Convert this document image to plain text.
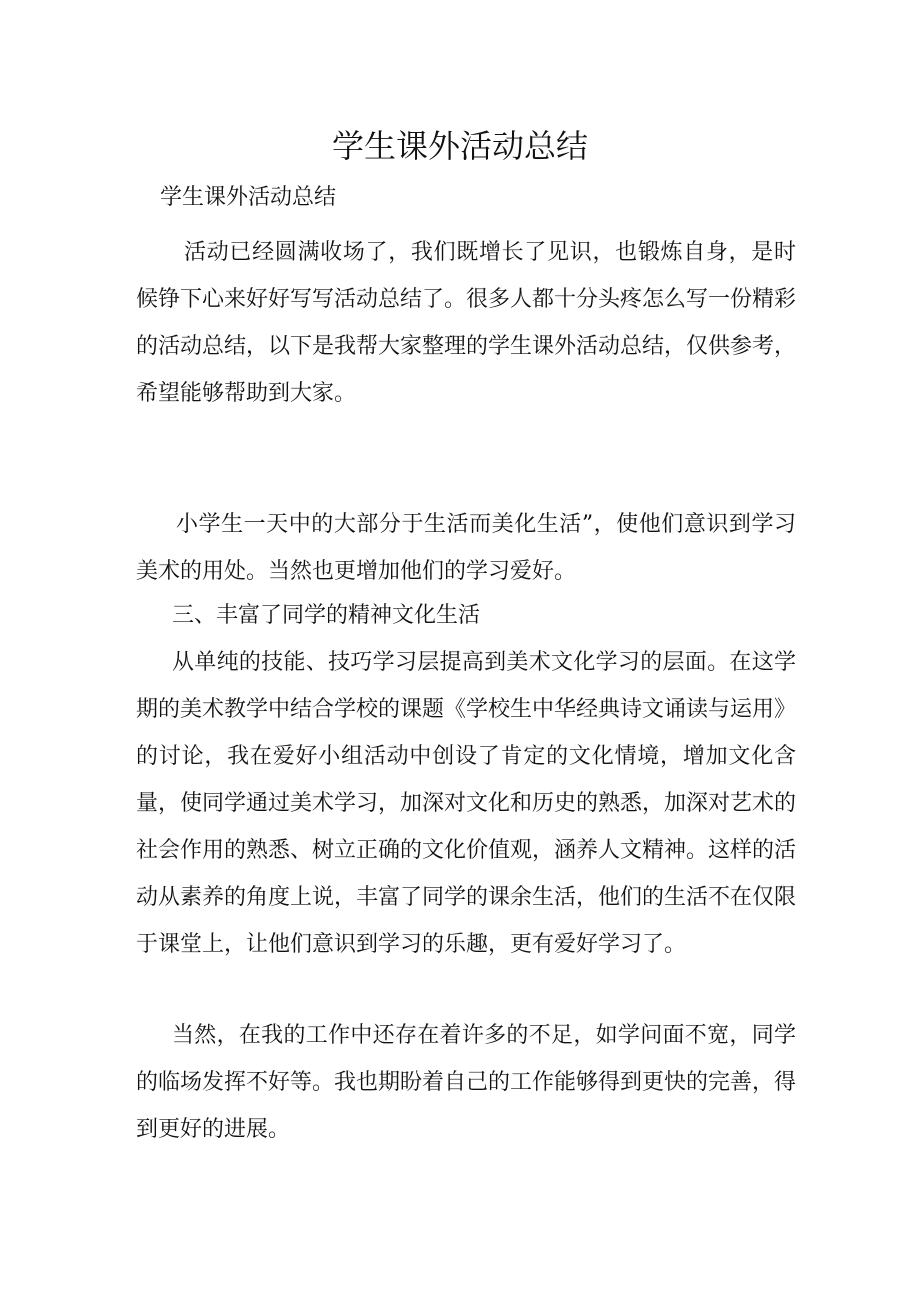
学生课外活动总结

学生课外活动总结

活动已经圆满收场了，我们既增长了见识，也锻炼自身，是时候铮下心来好好写写活动总结了。很多人都十分头疼怎么写一份精彩的活动总结，以下是我帮大家整理的学生课外活动总结，仅供参考，希望能够帮助到大家。

小学生一天中的大部分于生活而美化生活”，使他们意识到学习美术的用处。当然也更增加他们的学习爱好。

三、丰富了同学的精神文化生活

从单纯的技能、技巧学习层提高到美术文化学习的层面。在这学期的美术教学中结合学校的课题《学校生中华经典诗文诵读与运用》的讨论，我在爱好小组活动中创设了肯定的文化情境，增加文化含量，使同学通过美术学习，加深对文化和历史的熟悉，加深对艺术的社会作用的熟悉、树立正确的文化价值观，涵养人文精神。这样的活动从素养的角度上说，丰富了同学的课余生活，他们的生活不在仅限于课堂上，让他们意识到学习的乐趣，更有爱好学习了。

当然，在我的工作中还存在着许多的不足，如学问面不宽，同学的临场发挥不好等。我也期盼着自己的工作能够得到更快的完善，得到更好的进展。
